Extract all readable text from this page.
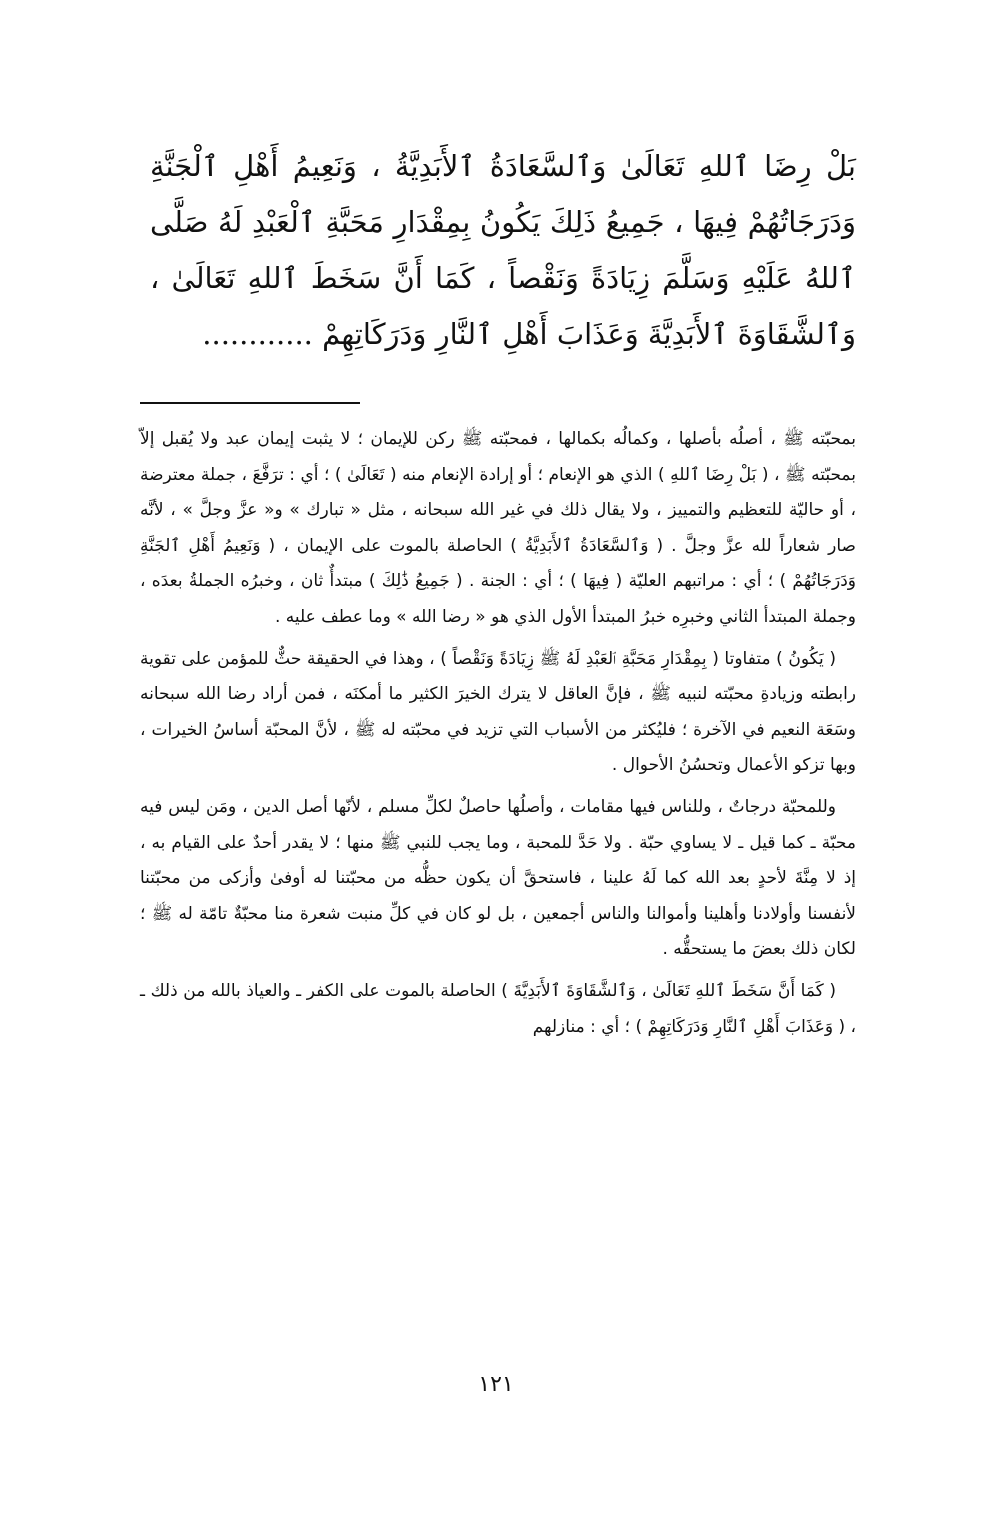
بَلْ رِضَا ٱللهِ تَعَالَىٰ وَٱلسَّعَادَةُ ٱلأَبَدِيَّةُ ، وَنَعِيمُ أَهْلِ ٱلْجَنَّةِ وَدَرَجَاتُهُمْ فِيهَا ، جَمِيعُ ذَلِكَ يَكُونُ بِمِقْدَارِ مَحَبَّةِ ٱلْعَبْدِ لَهُ صَلَّى ٱللهُ عَلَيْهِ وَسَلَّمَ زِيَادَةً وَنَقْصاً ، كَمَا أَنَّ سَخَطَ ٱللهِ تَعَالَىٰ ، وَٱلشَّقَاوَةَ ٱلأَبَدِيَّةَ وَعَذَابَ أَهْلِ ٱلنَّارِ وَدَرَكَاتِهِمْ ............

بمحبّته ﷺ ، أصلُه بأصلها ، وكمالُه بكمالها ، فمحبّته ﷺ ركن للإيمان ؛ لا يثبت إيمان عبد ولا يُقبل إلاّ بمحبّته ﷺ ، ( بَلْ رِضَا ٱللهِ ) الذي هو الإنعام ؛ أو إرادة الإنعام منه ( تَعَالَىٰ ) ؛ أي : ترَفَّعَ ، جملة معترضة ، أو حاليّة للتعظيم والتمييز ، ولا يقال ذلك في غير الله سبحانه ، مثل « تبارك » و« عزَّ وجلَّ » ، لأنَّه صار شعاراً لله عزَّ وجلَّ . ( وَٱلسَّعَادَةُ ٱلأَبَدِيَّةُ ) الحاصلة بالموت على الإيمان ، ( وَنَعِيمُ أَهْلِ ٱلجَنَّةِ وَدَرَجَاتُهُمْ ) ؛ أي : مراتبهم العليّة ( فِيهَا ) ؛ أي : الجنة . ( جَمِيعُ ذَٰلِكَ ) مبتدأٌ ثان ، وخبرُه الجملةُ بعدَه ، وجملة المبتدأ الثاني وخبرِه خبرُ المبتدأ الأول الذي هو « رضا الله » وما عطف عليه .

( يَكُونُ ) متفاوتا ( بِمِقْدَارِ مَحَبَّةِ ٱلعَبْدِ لَهُ ﷺ زِيَادَةً وَنَقْصاً ) ، وهذا في الحقيقة حثٌّ للمؤمن على تقوية رابطته وزيادةِ محبّته لنبيه ﷺ ، فإنَّ العاقل لا يترك الخيرَ الكثير ما أمكنَه ، فمن أراد رضا الله سبحانه وسَعَة النعيم في الآخرة ؛ فليُكثر من الأسباب التي تزيد في محبّته له ﷺ ، لأنَّ المحبّة أساسُ الخيرات ، وبها تزكو الأعمال وتحسُنُ الأحوال .

وللمحبّة درجاتٌ ، وللناس فيها مقامات ، وأصلُها حاصلٌ لكلِّ مسلم ، لأنّها أصل الدين ، ومَن ليس فيه محبّة ـ كما قيل ـ لا يساوي حبّة . ولا حَدَّ للمحبة ، وما يجب للنبي ﷺ منها ؛ لا يقدر أحدٌ على القيام به ، إذ لا مِنَّةَ لأحدٍ بعد الله كما لَهُ علينا ، فاستحقَّ أن يكون حظُّه من محبّتنا له أوفىٰ وأزكى من محبّتنا لأنفسنا وأولادنا وأهلينا وأموالنا والناس أجمعين ، بل لو كان في كلِّ منبت شعرة منا محبّةٌ تامّة له ﷺ ؛ لكان ذلك بعضَ ما يستحقُّه .

( كَمَا أَنَّ سَخَطَ ٱللهِ تَعَالَىٰ ، وَٱلشَّقَاوَةَ ٱلأَبَدِيَّةَ ) الحاصلة بالموت على الكفر ـ والعياذ بالله من ذلك ـ ، ( وَعَذَابَ أَهْلِ ٱلنَّارِ وَدَرَكَاتِهِمْ ) ؛ أي : منازلهم

١٢١
